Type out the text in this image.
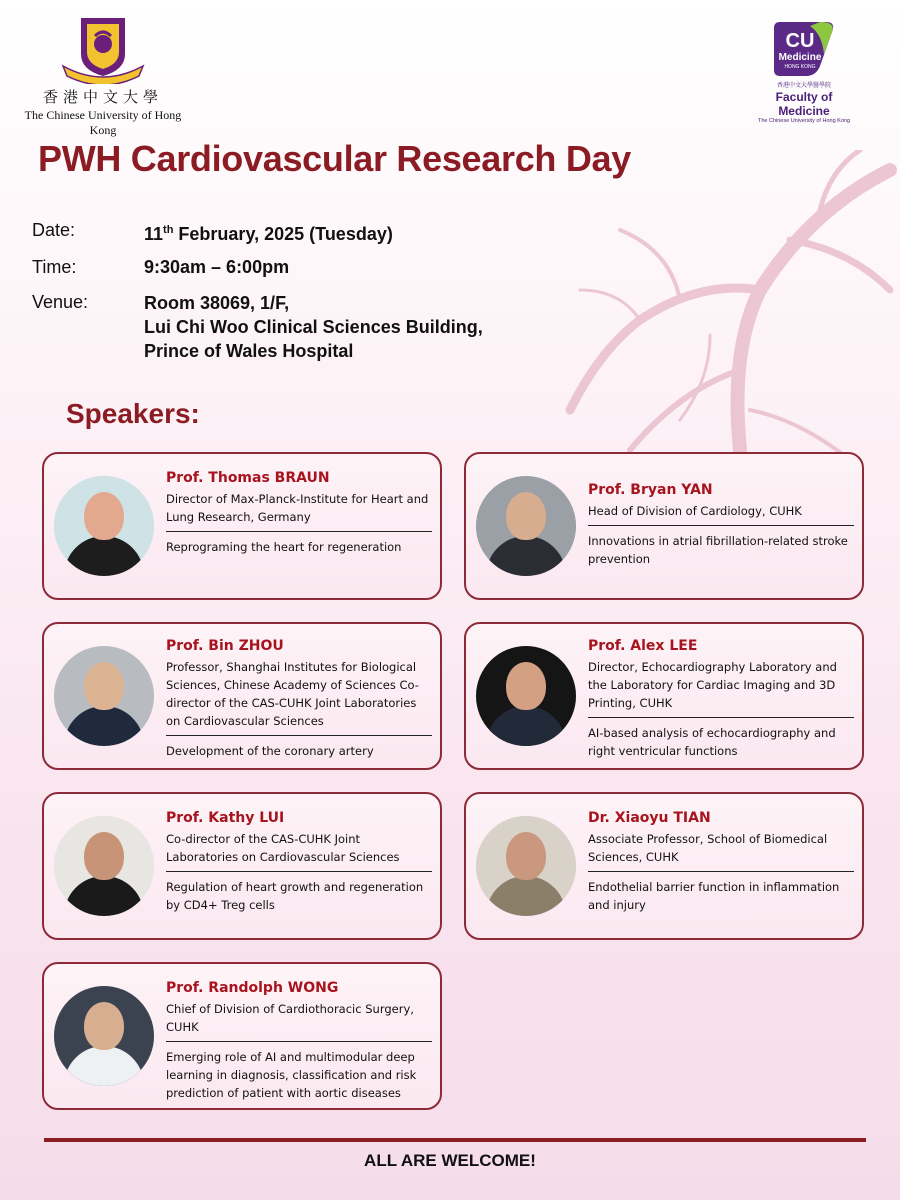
香港中文大學
The Chinese University of Hong Kong
CU
Medicine
HONG KONG
香港中文大學醫學院
Faculty of Medicine
The Chinese University of Hong Kong
PWH Cardiovascular Research Day
Date:	11th February, 2025 (Tuesday)
Time:	9:30am – 6:00pm
Venue:	Room 38069, 1/F,
Lui Chi Woo Clinical Sciences Building,
Prince of Wales Hospital
Speakers:
Prof. Thomas BRAUN
Director of Max-Planck-Institute for Heart and Lung Research, Germany
Reprograming the heart for regeneration
Prof. Bryan YAN
Head of Division of Cardiology, CUHK
Innovations in atrial fibrillation-related stroke prevention
Prof. Bin ZHOU
Professor, Shanghai Institutes for Biological Sciences, Chinese Academy of Sciences Co-director of the CAS-CUHK Joint Laboratories on Cardiovascular Sciences
Development of the coronary artery
Prof. Alex LEE
Director, Echocardiography Laboratory and the Laboratory for Cardiac Imaging and 3D Printing, CUHK
AI-based analysis of echocardiography and right ventricular functions
Prof. Kathy LUI
Co-director of the CAS-CUHK Joint Laboratories on Cardiovascular Sciences
Regulation of heart growth and regeneration by CD4+ Treg cells
Dr. Xiaoyu TIAN
Associate Professor, School of Biomedical Sciences, CUHK
Endothelial barrier function in inflammation and injury
Prof. Randolph WONG
Chief of Division of Cardiothoracic Surgery, CUHK
Emerging role of AI and multimodular deep learning in diagnosis, classification and risk prediction of patient with aortic diseases
ALL ARE WELCOME!
